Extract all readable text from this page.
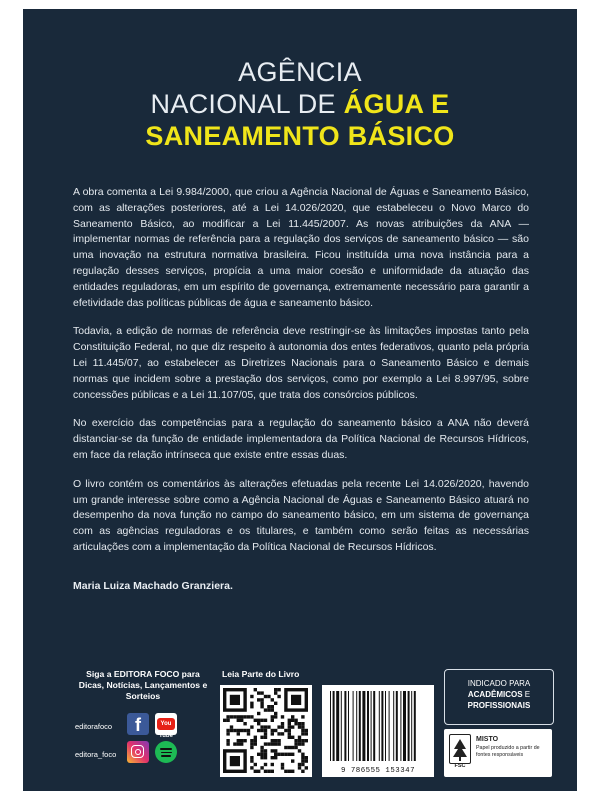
AGÊNCIA
NACIONAL DE ÁGUA E
SANEAMENTO BÁSICO

A obra comenta a Lei 9.984/2000, que criou a Agência Nacional de Águas e Saneamento Básico, com as alterações posteriores, até a Lei 14.026/2020, que estabeleceu o Novo Marco do Saneamento Básico, ao modificar a Lei 11.445/2007. As novas atribuições da ANA — implementar normas de referência para a regulação dos serviços de saneamento básico — são uma inovação na estrutura normativa brasileira. Ficou instituída uma nova instância para a regulação desses serviços, propícia a uma maior coesão e uniformidade da atuação das entidades reguladoras, em um espírito de governança, extremamente necessário para garantir a efetividade das políticas públicas de água e saneamento básico.

Todavia, a edição de normas de referência deve restringir-se às limitações impostas tanto pela Constituição Federal, no que diz respeito à autonomia dos entes federativos, quanto pela própria Lei 11.445/07, ao estabelecer as Diretrizes Nacionais para o Saneamento Básico e demais normas que incidem sobre a prestação dos serviços, como por exemplo a Lei 8.997/95, sobre concessões públicas e a Lei 11.107/05, que trata dos consórcios públicos.

No exercício das competências para a regulação do saneamento básico a ANA não deverá distanciar-se da função de entidade implementadora da Política Nacional de Recursos Hídricos, em face da relação intrínseca que existe entre essas duas.

O livro contém os comentários às alterações efetuadas pela recente Lei 14.026/2020, havendo um grande interesse sobre como a Agência Nacional de Águas e Saneamento Básico atuará no desempenho da nova função no campo do saneamento básico, em um sistema de governança com as agências reguladoras e os titulares, e também como serão feitas as necessárias articulações com a implementação da Política Nacional de Recursos Hídricos.

Maria Luiza Machado Granziera.
Siga a EDITORA FOCO para Dicas, Notícias, Lançamentos e Sorteios
editorafoco	f	You Tube
editora_foco
Leia Parte do Livro
9 786555 153347
INDICADO PARA
ACADÊMICOS E
PROFISSIONAIS
FSC
MISTO
Papel produzido a partir de fontes responsáveis
